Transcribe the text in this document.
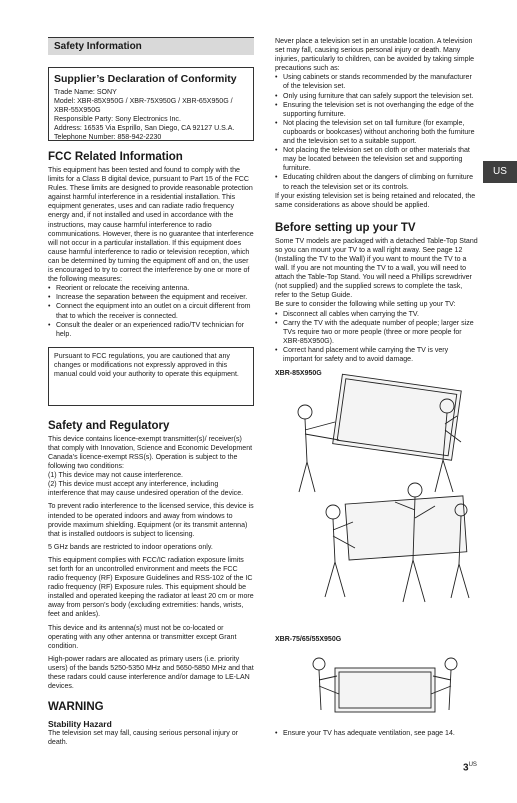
Safety Information
Supplier’s Declaration of Conformity

Trade Name: SONY

Model: XBR-85X950G / XBR-75X950G / XBR-65X950G / XBR-55X950G

Responsible Party: Sony Electronics Inc.

Address: 16535 Via Esprillo, San Diego, CA 92127 U.S.A.

Telephone Number: 858-942-2230

FCC Related Information

This equipment has been tested and found to comply with the limits for a Class B digital device, pursuant to Part 15 of the FCC Rules. These limits are designed to provide reasonable protection against harmful interference in a residential installation. This equipment generates, uses and can radiate radio frequency energy and, if not installed and used in accordance with the instructions, may cause harmful interference to radio communications. However, there is no guarantee that interference will not occur in a particular installation. If this equipment does cause harmful interference to radio or television reception, which can be determined by turning the equipment off and on, the user is encouraged to try to correct the interference by one or more of the following measures:

• Reorient or relocate the receiving antenna.

• Increase the separation between the equipment and receiver.

• Connect the equipment into an outlet on a circuit different from that to which the receiver is connected.

• Consult the dealer or an experienced radio/TV technician for help.

Pursuant to FCC regulations, you are cautioned that any changes or modifications not expressly approved in this manual could void your authority to operate this equipment.

Safety and Regulatory

This device contains licence-exempt transmitter(s)/ receiver(s) that comply with Innovation, Science and Economic Development Canada’s licence-exempt RSS(s). Operation is subject to the following two conditions:

(1) This device may not cause interference.

(2) This device must accept any interference, including interference that may cause undesired operation of the device.

To prevent radio interference to the licensed service, this device is intended to be operated indoors and away from windows to provide maximum shielding. Equipment (or its transmit antenna) that is installed outdoors is subject to licensing.

5 GHz bands are restricted to indoor operations only.

This equipment complies with FCC/IC radiation exposure limits set forth for an uncontrolled environment and meets the FCC radio frequency (RF) Exposure Guidelines and RSS-102 of the IC radio frequency (RF) Exposure rules. This equipment should be installed and operated keeping the radiator at least 20 cm or more away from person’s body (excluding extremities: hands, wrists, feet and ankles).

This device and its antenna(s) must not be co-located or operating with any other antenna or transmitter except Grant condition.

High-power radars are allocated as primary users (i.e. priority users) of the bands 5250-5350 MHz and 5650-5850 MHz and that these radars could cause interference and/or damage to LE-LAN devices.

WARNING
Stability Hazard

The television set may fall, causing serious personal injury or death.

Never place a television set in an unstable location. A television set may fall, causing serious personal injury or death. Many injuries, particularly to children, can be avoided by taking simple precautions such as:

• Using cabinets or stands recommended by the manufacturer of the television set.

• Only using furniture that can safely support the television set.

• Ensuring the television set is not overhanging the edge of the supporting furniture.

• Not placing the television set on tall furniture (for example, cupboards or bookcases) without anchoring both the furniture and the television set to a suitable support.

• Not placing the television set on cloth or other materials that may be located between the television set and supporting furniture.

• Educating children about the dangers of climbing on furniture to reach the television set or its controls.

If your existing television set is being retained and relocated, the same considerations as above should be applied.

Before setting up your TV

Some TV models are packaged with a detached Table-Top Stand so you can mount your TV to a wall right away. See page 12 (Installing the TV to the Wall) if you want to mount the TV to a wall. If you are not mounting the TV to a wall, you will need to attach the Table-Top Stand. You will need a Phillips screwdriver (not supplied) and the supplied screws to complete the task, refer to the Setup Guide.

Be sure to consider the following while setting up your TV:

• Disconnect all cables when carrying the TV.

• Carry the TV with the adequate number of people; larger size TVs require two or more people (three or more people for XBR-85X950G).

• Correct hand placement while carrying the TV is very important for safety and to avoid damage.

XBR-85X950G
XBR-75/65/55X950G

• Ensure your TV has adequate ventilation, see page 14.

US
$3^{US}$
